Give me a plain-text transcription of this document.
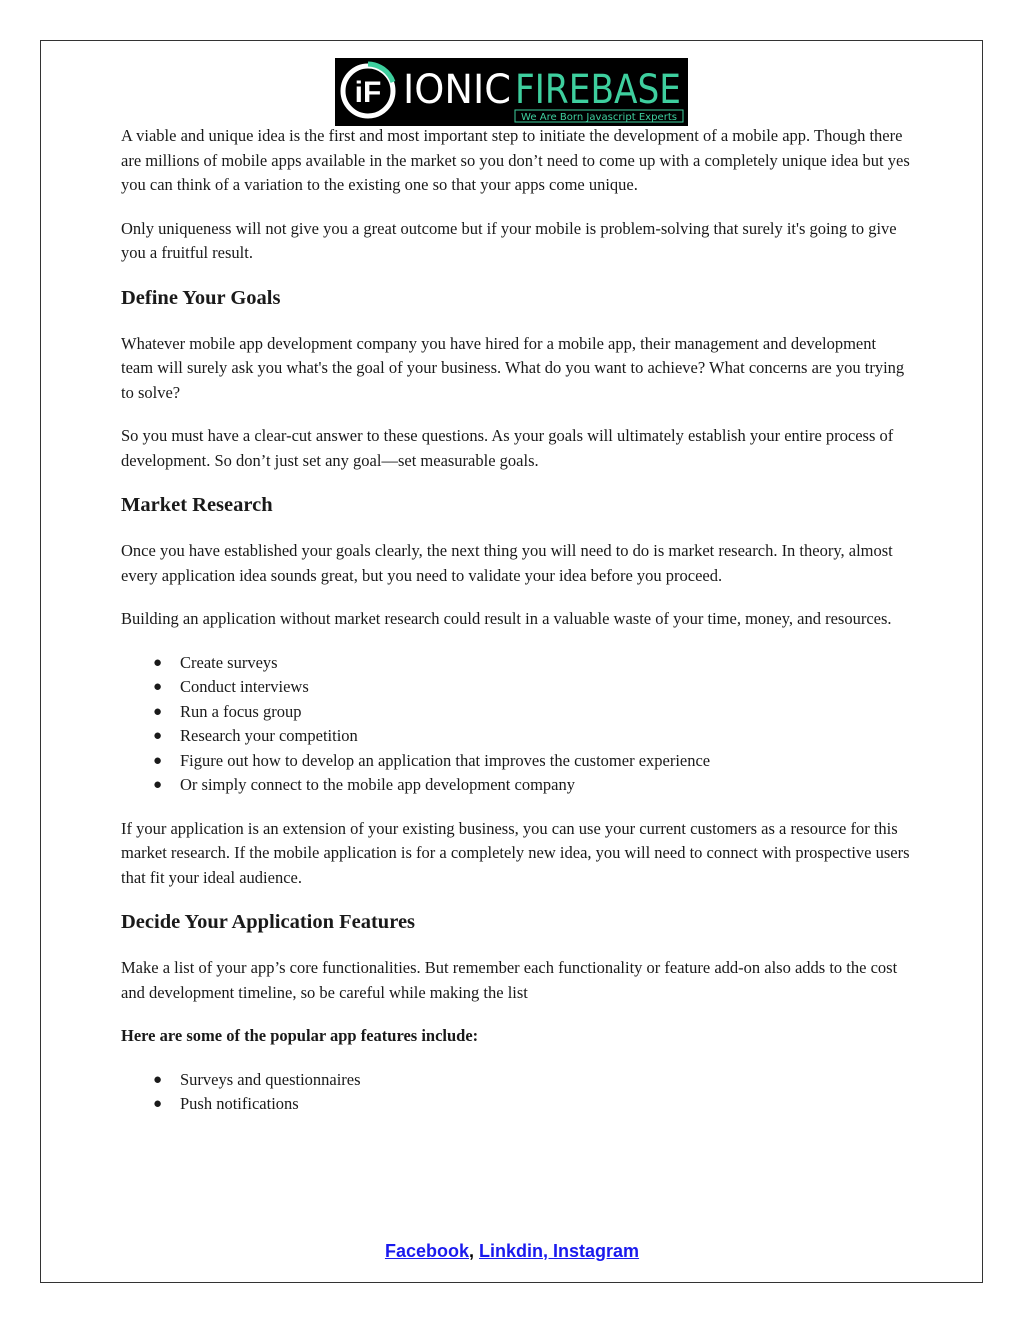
iF IONIC FIREBASE
We Are Born Javascript Experts

A viable and unique idea is the first and most important step to initiate the development of a mobile app. Though there are millions of mobile apps available in the market so you don’t need to come up with a completely unique idea but yes you can think of a variation to the existing one so that your apps come unique.

Only uniqueness will not give you a great outcome but if your mobile is problem-solving that surely it's going to give you a fruitful result.

Define Your Goals

Whatever mobile app development company you have hired for a mobile app, their management and development team will surely ask you what's the goal of your business. What do you want to achieve? What concerns are you trying to solve?

So you must have a clear-cut answer to these questions. As your goals will ultimately establish your entire process of development. So don’t just set any goal—set measurable goals.

Market Research

Once you have established your goals clearly, the next thing you will need to do is market research. In theory, almost every application idea sounds great, but you need to validate your idea before you proceed.

Building an application without market research could result in a valuable waste of your time, money, and resources.

● Create surveys
● Conduct interviews
● Run a focus group
● Research your competition
● Figure out how to develop an application that improves the customer experience
● Or simply connect to the mobile app development company

If your application is an extension of your existing business, you can use your current customers as a resource for this market research. If the mobile application is for a completely new idea, you will need to connect with prospective users that fit your ideal audience.

Decide Your Application Features

Make a list of your app’s core functionalities. But remember each functionality or feature add-on also adds to the cost and development timeline, so be careful while making the list

Here are some of the popular app features include:

● Surveys and questionnaires
● Push notifications
Facebook, Linkdin, Instagram
